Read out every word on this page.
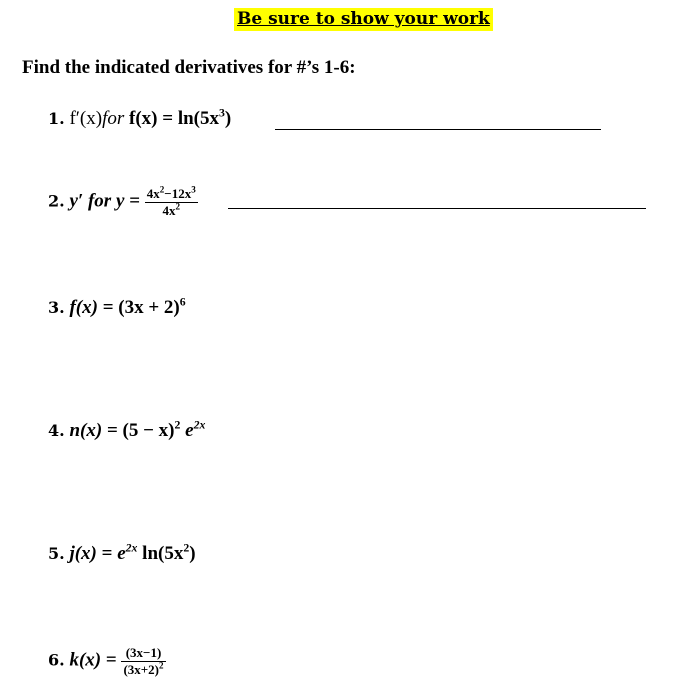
Be sure to show your work
Find the indicated derivatives for #’s 1-6:
1. f′(x)for $f(x) = \ln(5x^3)$
2. y′ for $y = \frac{4x^2-12x^3}{4x^2}$
3. $f(x) = (3x + 2)^6$
4. $n(x) = (5 - x)^2$ $e^{2x}$
5. $j(x) = e^{2x}$ $\ln(5x^2)$
6. $k(x) = \frac{(3x-1)}{(3x+2)^2}$
